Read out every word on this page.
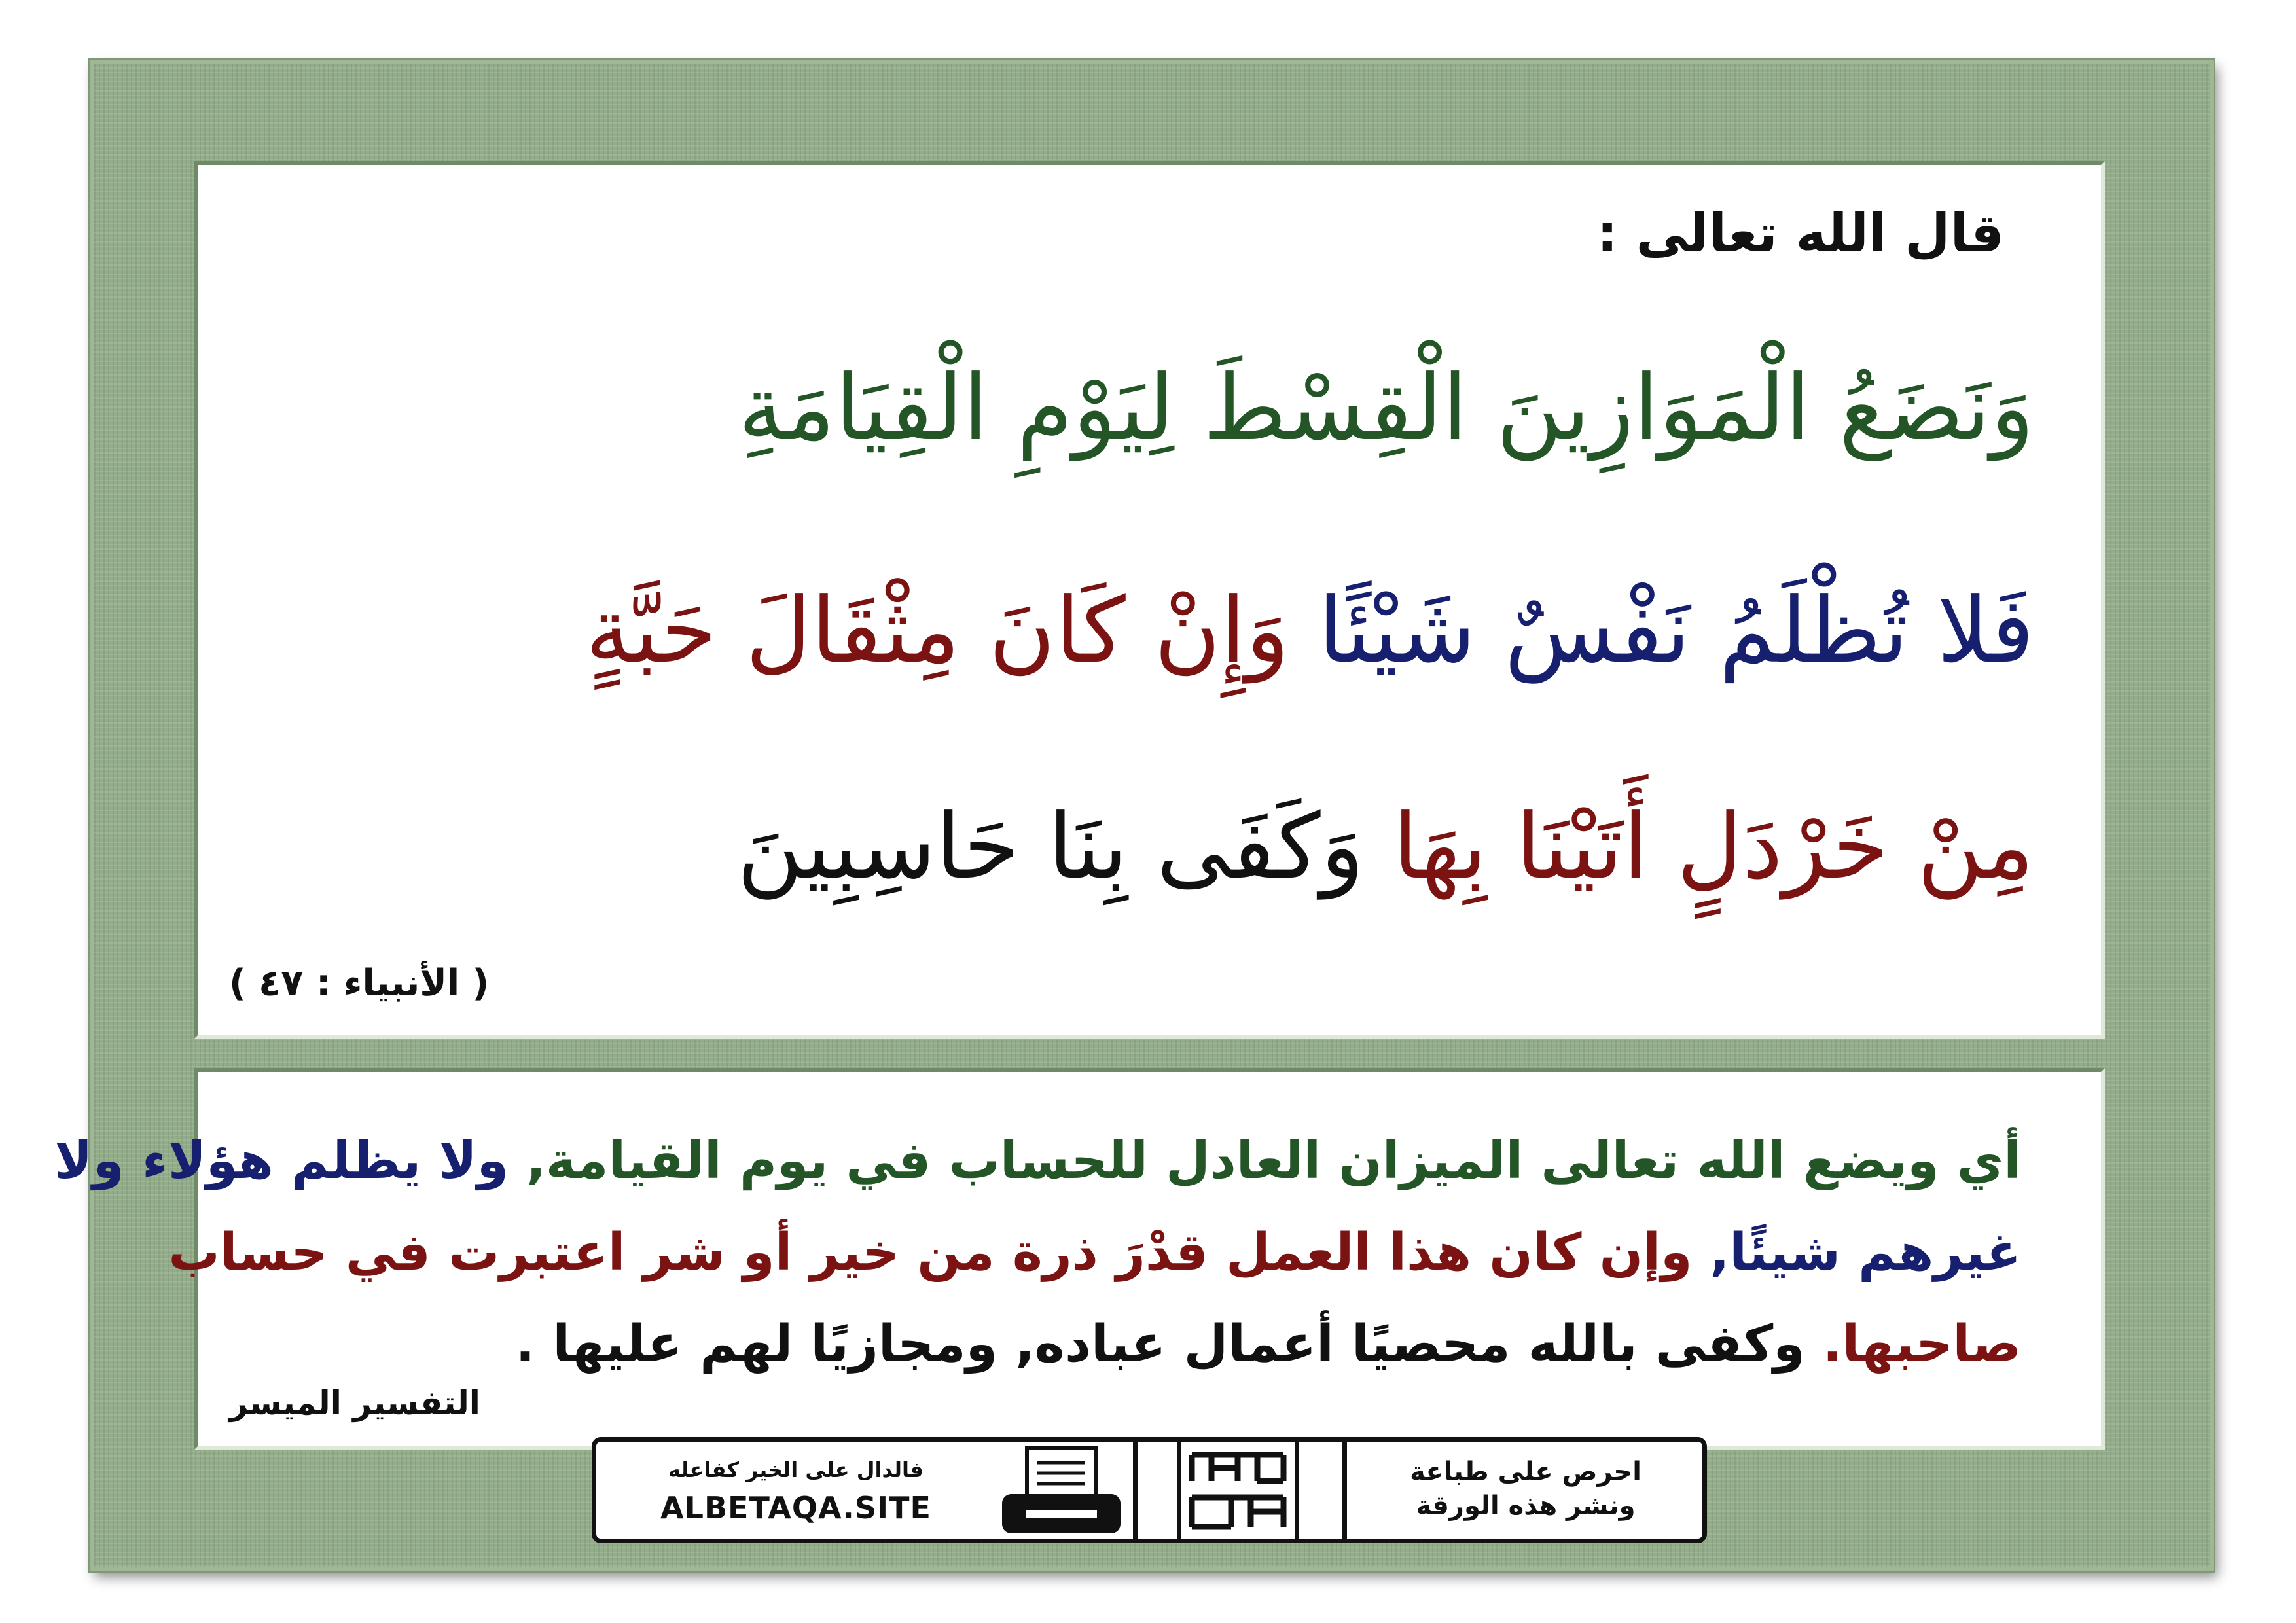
قال الله تعالى :

وَنَضَعُ الْمَوَازِينَ الْقِسْطَ لِيَوْمِ الْقِيَامَةِ

فَلا تُظْلَمُ نَفْسٌ شَيْئًا وَإِنْ كَانَ مِثْقَالَ حَبَّةٍ

مِنْ خَرْدَلٍ أَتَيْنَا بِهَا وَكَفَى بِنَا حَاسِبِينَ

( الأنبياء : ٤٧ )

أي ويضع الله تعالى الميزان العادل للحساب في يوم القيامة, ولا يظلم هؤلاء ولا

غيرهم شيئًا, وإن كان هذا العمل قدْرَ ذرة من خير أو شر اعتبرت في حساب

صاحبها. وكفى بالله محصيًا أعمال عباده, ومجازيًا لهم عليها .

التفسير الميسر

فالدال على الخير كفاعله

ALBETAQA.SITE

احرص على طباعة

ونشر هذه الورقة
